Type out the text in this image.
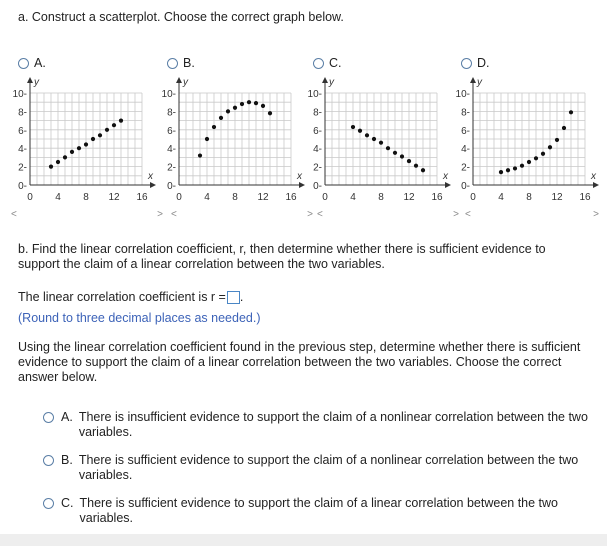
a. Construct a scatterplot. Choose the correct graph below.
A.	B.	C.	D.
10-
8-
6-
4-
2-
0-
0 4 8 12 16
y
x
10-
8-
6-
4-
2-
0-
0 4 8 12 16
y
x
10-
8-
6-
4-
2-
0-
0 4 8 12 16
y
x
10-
8-
6-
4-
2-
0-
0 4 8 12 16
y
x
<	> <	> <	> <	>
b. Find the linear correlation coefficient, r, then determine whether there is sufficient evidence to support the claim of a linear correlation between the two variables.
The linear correlation coefficient is r = .
(Round to three decimal places as needed.)
Using the linear correlation coefficient found in the previous step, determine whether there is sufficient evidence to support the claim of a linear correlation between the two variables. Choose the correct answer below.
A. There is insufficient evidence to support the claim of a nonlinear correlation between the two variables.
B. There is sufficient evidence to support the claim of a nonlinear correlation between the two variables.
C. There is sufficient evidence to support the claim of a linear correlation between the two variables.
